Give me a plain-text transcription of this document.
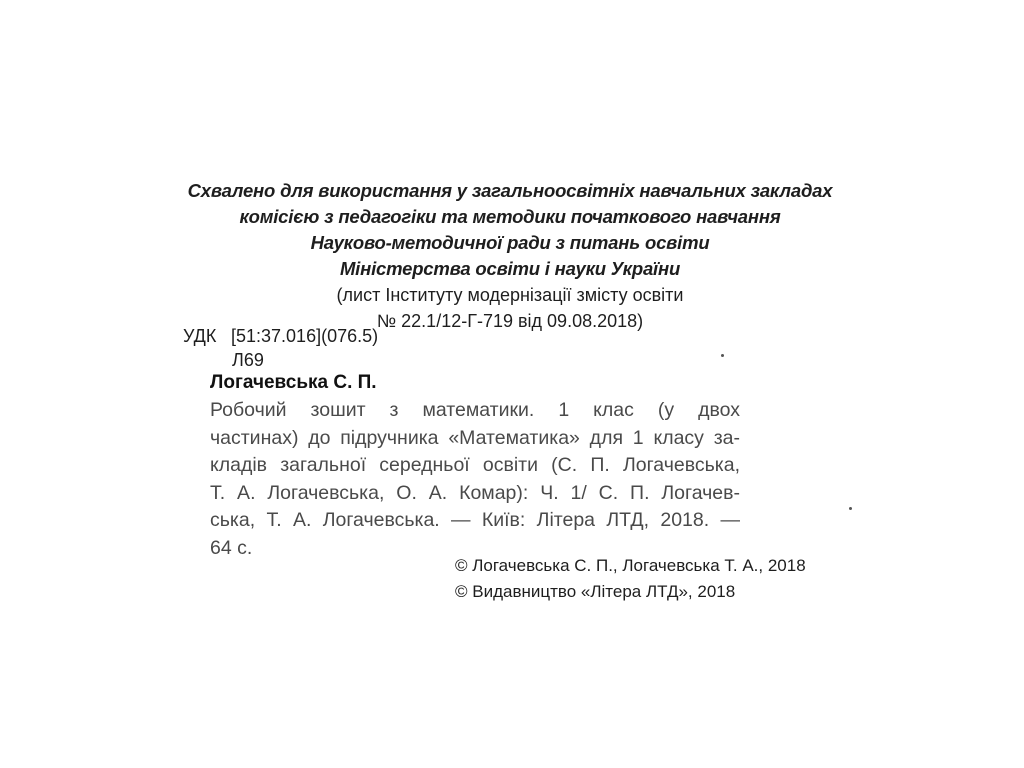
Схвалено для використання у загальноосвітніх навчальних закладах
комісією з педагогіки та методики початкового навчання
Науково-методичної ради з питань освіти
Міністерства освіти і науки України
(лист Інституту модернізації змісту освіти
№ 22.1/12-Г-719 від 09.08.2018)
УДК [51:37.016](076.5)
Л69
Логачевська С. П.
Робочий зошит з математики. 1 клас (у двох
частинах) до підручника «Математика» для 1 класу за-
кладів загальної середньої освіти (С. П. Логачевська,
Т. А. Логачевська, О. А. Комар): Ч. 1/ С. П. Логачев-
ська, Т. А. Логачевська. — Київ: Літера ЛТД, 2018. —
64 с.
© Логачевська С. П., Логачевська Т. А., 2018
© Видавництво «Літера ЛТД», 2018
